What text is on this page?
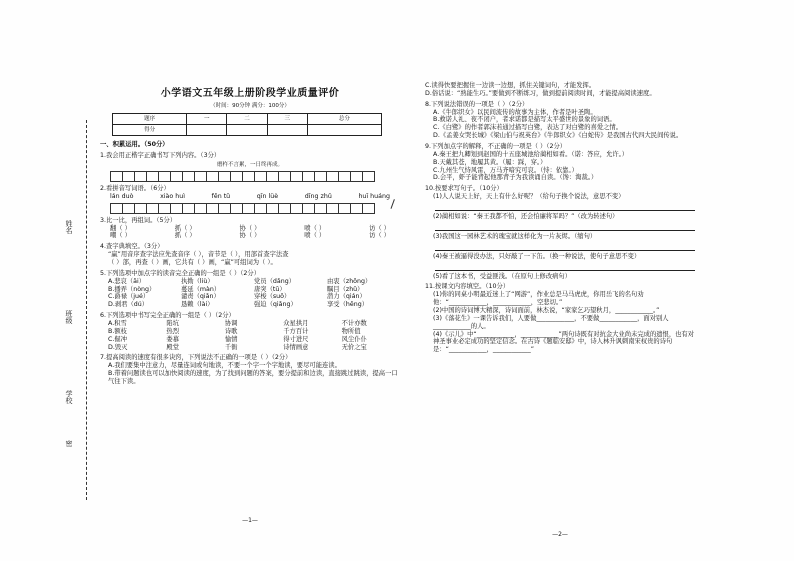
姓名
班级
学校
密
小学语文五年级上册阶段学业质量评价
（时间：90分钟 满分：100分）
题序	一	二	三	总分
得分				
一、积累运用。（50分）
1.我会用正楷字正确书写下列内容。（3分）
磨杵不言累，一日终再成。
2.看拼音写词语。（6分）
lán duò	xiào huì	fēn tǔ	qīn lüè	dīng zhǔ	huī huáng
3.比一比，再组词。（5分）
翻（ ）	抓（ ）	协（ ）	喷（ ）	访（ ）
嘲（ ）	抓（ ）	协（ ）	喷（ ）	访（ ）
4.查字典填空。（3分）
“赢”用音序查字法应先查音序（ ），音节是（ ），用部首查字法查
（ ）部，再查（ ）画，它共有（ ）画，“赢”可组词为（ ）。
5.下列选项中加点字的读音完全正确的一组是（ ）（2分）
A.悲哀（āi）	执拗（liù）	党员（dǎng）	由衷（zhōng）
B.播弄（nòng）	蔓延（màn）	唐突（tū）	瞩目（zhǔ）
C.爵禄（jué）	谴责（qiǎn）	穿梭（suō）	潜力（qián）
D.剥君（dú）	恳赖（lài）	强迫（qiǎng）	享受（hēng）
6.下列选项中书写完全正确的一组是（ ）（2分）
A.积雪	陷坑	协调	众星拱月	不计亦数
B.额枝	热烈	诗歌	千方百计	物所值
C.倔冲	娄慕	愉情	得寸进尺	风尘仆仆
D.毁灭	殿堂	千衙	诗情画意	无价之宝
7.提高阅读的速度有很多诀窍，下列说法不正确的一项是（ ）（2分）
A.我们要集中注意力，尽量连词或句地读，不要一个字一个字地读，要尽可能连读。
B.带着问题读也可以加快阅读的速度，为了找到问题的答案，要分提前和边读，直接跳过跳读，提高一口气往下读。
—1—
C.读得快要把握住一边读一边想，抓住关键词句，才能发挥。
D.俗话说：“熟能生巧。”要做到不断练习，做到提前阅读时间，才能提高阅读速度。
8.下列说法错误的一项是（ ）（2分）
A.《牛郎织女》以民间流传的故事为主体，作者是叶圣陶。
B.救诺人礼、夜不闭户，者求诺都是描写太平盛世的景象的词语。
C.《白鹭》的作者郭沫若通过描写白鹭，表达了对白鹭的喜爱之情。
D.《孟姜女哭长城》《梁山伯与祝英台》《牛郎织女》《白蛇传》是我国古代四大民间传说。
9.下列加点字的解释，不正确的一项是（ ）（2分）
A.秦王把九卿划到赵国的十五座城池给蔺相如看。（诺：答应，允许。）
B.天戴其苍，地履其黄。（履：踩，穿。）
C.九州生气恃风雷，万马齐喑究可哀。（恃：依靠。）
D.会平，虾子能背起他那背子为我读诵自读。（馋：淘裁。）
10.按要求写句子。（10分）
(1)人人说天上好，天上有什么好呢？（给句子换个说法，意思不变）
(2)蔺相如说：“秦王我都不怕，还会怕廉将军吗？”（改为转述句）
(3)我国这一园林艺术的瑰宝就这样化为一片灰烬。（缩句）
(4)秦王被逼得没办法，只好敲了一下缶。（换一种说法，使句子意思不变）
(5)看了这本书，受益匪浅。（在原句上修改病句）
11.按课文内容填空。（10分）
(1)你的同桌小明最近迷上了“网游”，作业总是马马虎虎，你用岳飞的名句劝他：“____________，____________，空悲切。”
(2)中国的诗词博大精深，诗词面前，林杰说，“家家乞巧望秋月，____________。”
(3)《落花生》一课告诉我们，人要做____________，不要做____________，面对别人____________的人。
(4)《示儿》中“____________，____________”两句诗既有对抗金大业尚未完成的遗恨，也有对神圣事业必定成功的坚定信念。在古诗《题临安邸》中，诗人林升讽刺南宋权贵的诗句是：“____________，____________”
—2—
